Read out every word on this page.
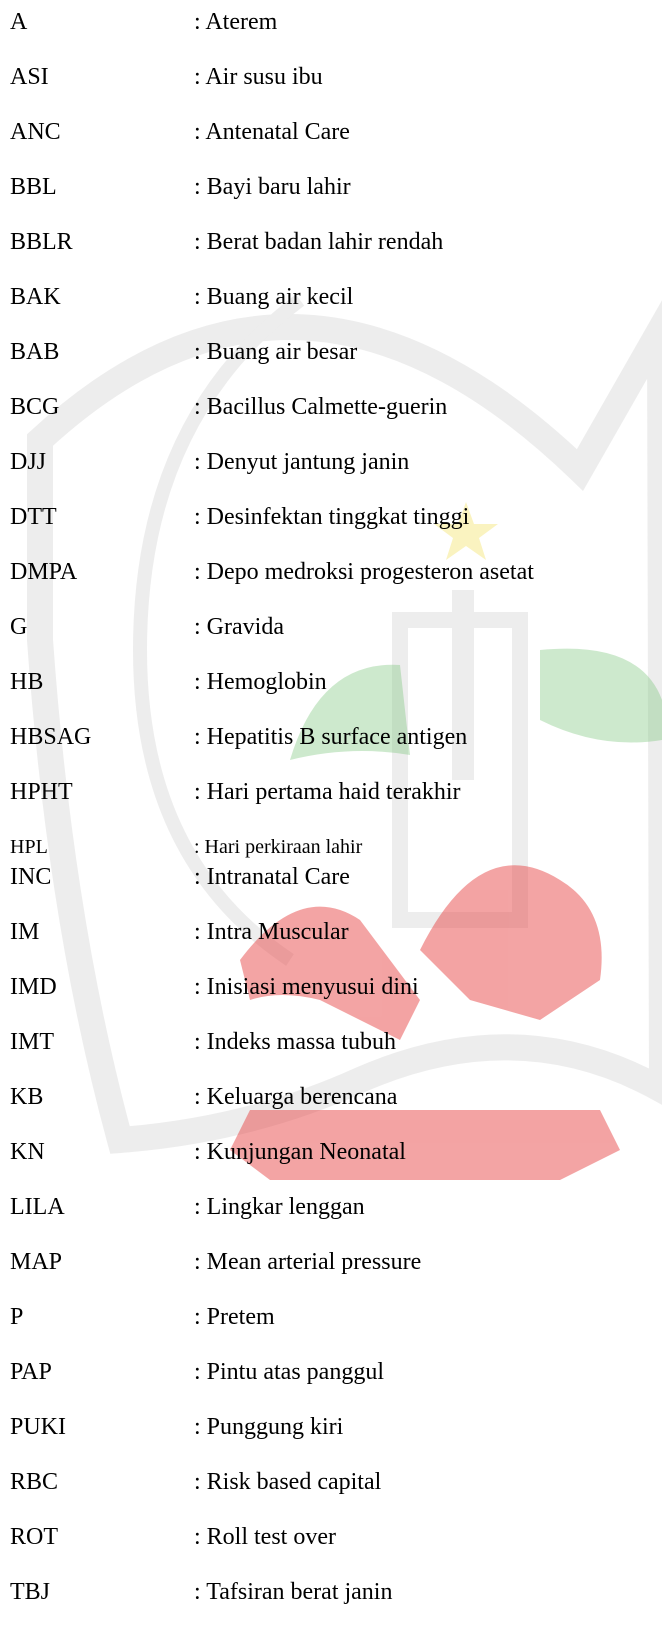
A	: Aterem
ASI	: Air susu ibu
ANC	: Antenatal Care
BBL	: Bayi baru lahir
BBLR	: Berat badan lahir rendah
BAK	: Buang air kecil
BAB	: Buang air besar
BCG	: Bacillus Calmette-guerin
DJJ	: Denyut jantung janin
DTT	: Desinfektan tinggkat tinggi
DMPA	: Depo medroksi progesteron asetat
G	: Gravida
HB	: Hemoglobin
HBSAG	: Hepatitis B surface antigen
HPHT	: Hari pertama haid terakhir
HPL	: Hari perkiraan lahir
INC	: Intranatal Care
IM	: Intra Muscular
IMD	: Inisiasi menyusui dini
IMT	: Indeks massa tubuh
KB	: Keluarga berencana
KN	: Kunjungan Neonatal
LILA	: Lingkar lenggan
MAP	: Mean arterial pressure
P	: Pretem
PAP	: Pintu atas panggul
PUKI	: Punggung kiri
RBC	: Risk based capital
ROT	: Roll test over
TBJ	: Tafsiran berat janin
